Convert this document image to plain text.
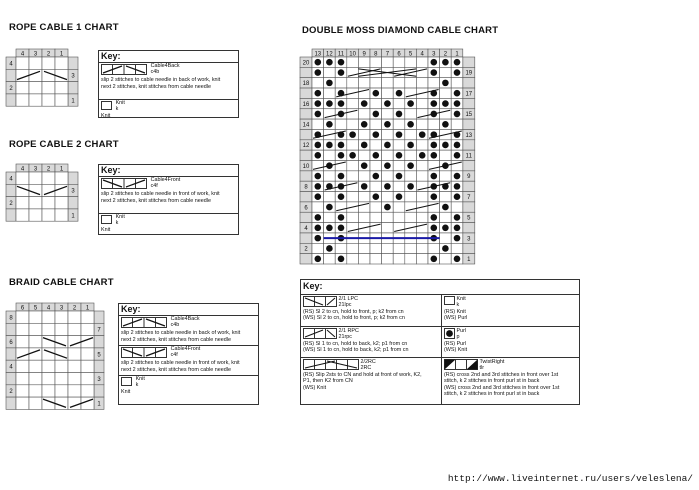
ROPE CABLE 1 CHART
ROPE CABLE 2 CHART
BRAID CABLE CHART
DOUBLE MOSS DIAMOND CABLE CHART
4 3 2 1
4
3
2
1
4 3 2 1
4
3
2
1
6 5 4 3 2 1
8
7
6
5
4
3
2
1
13 12 11 10 9 8 7 6 5 4 3 2 1
20
19
18
17
16
15
14
13
12
11
10
9
8
7
6
5
4
3
2
1
Key:
Cable4Back
c4b
slip 2 stitches to cable needle in back of work, knit
next 2 stitches, knit stitches from cable needle
Knit
k
Knit
Key:
Cable4Front
c4f
slip 2 stitches to cable needle in front of work, knit
next 2 stitches, knit stitches from cable needle
Knit
k
Knit
Key:
Cable4Back
c4b
slip 2 stitches to cable needle in back of work, knit
next 2 stitches, knit stitches from cable needle
Cable4Front
c4f
slip 2 stitches to cable needle in front of work, knit
next 2 stitches, knit stitches from cable needle
Knit
k
Knit
Key:
2/1 LPC
21lpc
(RS) Sl 2 to cn, hold to front, p; k2 from cn
(WS) Sl 2 to cn, hold to front, p; k2 from cn
Knit
k
(RS) Knit
(WS) Purl
2/1 RPC
21rpc
(RS) Sl 1 to cn, hold to back, k2; p1 from cn
(WS) Sl 1 to cn, hold to back, k2; p1 from cn
Purl
p
(RS) Purl
(WS) Knit
2/2RC
2RC
(RS) Slip 2sts to CN and hold at front of work, K2,
P1, then K2 from CN
(WS) Knit
TwistRight
tlr
(RS) cross 2nd and 3rd stitches in front over 1st
stitch, k 2 stitches in front purl st in back
(WS) cross 2nd and 3rd stitches in front over 1st
stitch, k 2 stitches in front purl st in back
http://www.liveinternet.ru/users/veleslena/
